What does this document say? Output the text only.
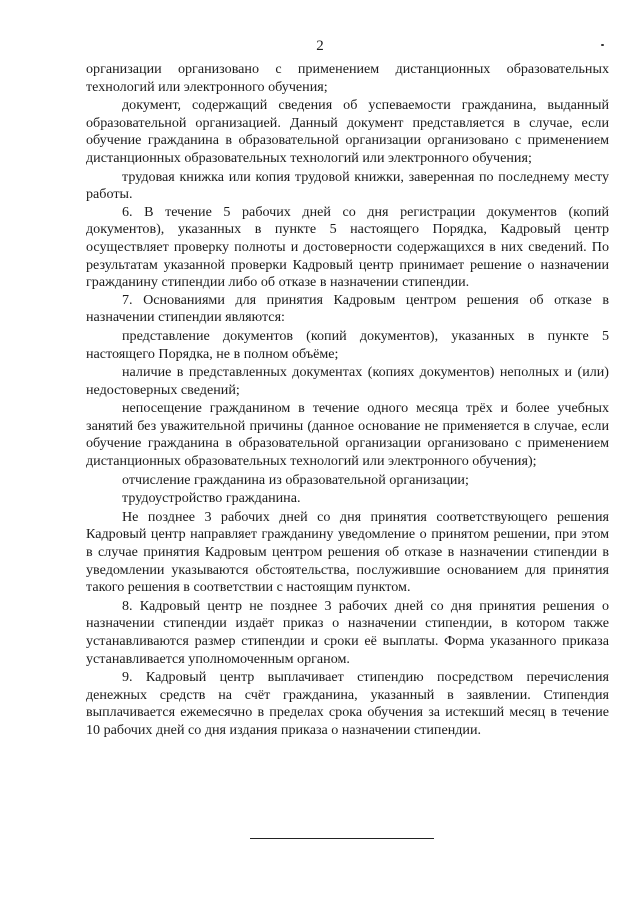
2

организации организовано с применением дистанционных образовательных технологий или электронного обучения;

документ, содержащий сведения об успеваемости гражданина, выданный образовательной организацией. Данный документ представляется в случае, если обучение гражданина в образовательной организации организовано с применением дистанционных образовательных технологий или электронного обучения;

трудовая книжка или копия трудовой книжки, заверенная по последнему месту работы.

6. В течение 5 рабочих дней со дня регистрации документов (копий документов), указанных в пункте 5 настоящего Порядка, Кадровый центр осуществляет проверку полноты и достоверности содержащихся в них сведений. По результатам указанной проверки Кадровый центр принимает решение о назначении гражданину стипендии либо об отказе в назначении стипендии.

7. Основаниями для принятия Кадровым центром решения об отказе в назначении стипендии являются:

представление документов (копий документов), указанных в пункте 5 настоящего Порядка, не в полном объёме;

наличие в представленных документах (копиях документов) неполных и (или) недостоверных сведений;

непосещение гражданином в течение одного месяца трёх и более учебных занятий без уважительной причины (данное основание не применяется в случае, если обучение гражданина в образовательной организации организовано с применением дистанционных образовательных технологий или электронного обучения);

отчисление гражданина из образовательной организации;

трудоустройство гражданина.

Не позднее 3 рабочих дней со дня принятия соответствующего решения Кадровый центр направляет гражданину уведомление о принятом решении, при этом в случае принятия Кадровым центром решения об отказе в назначении стипендии в уведомлении указываются обстоятельства, послужившие основанием для принятия такого решения в соответствии с настоящим пунктом.

8. Кадровый центр не позднее 3 рабочих дней со дня принятия решения о назначении стипендии издаёт приказ о назначении стипендии, в котором также устанавливаются размер стипендии и сроки её выплаты. Форма указанного приказа устанавливается уполномоченным органом.

9. Кадровый центр выплачивает стипендию посредством перечисления денежных средств на счёт гражданина, указанный в заявлении. Стипендия выплачивается ежемесячно в пределах срока обучения за истекший месяц в течение 10 рабочих дней со дня издания приказа о назначении стипендии.
